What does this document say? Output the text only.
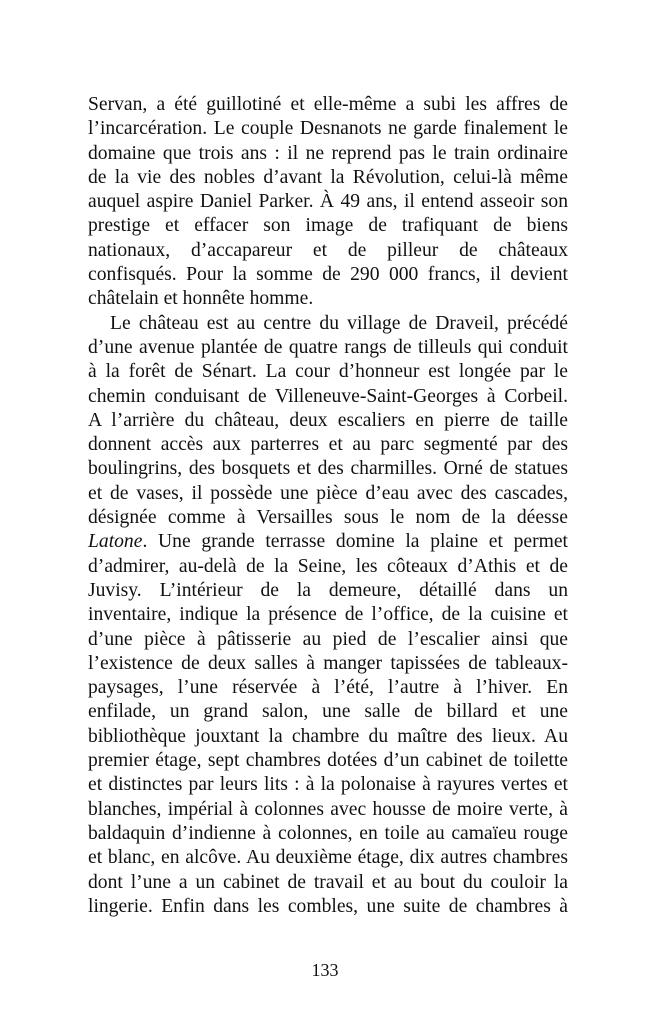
Servan, a été guillotiné et elle-même a subi les affres de
l’incarcération. Le couple Desnanots ne garde finalement le
domaine que trois ans : il ne reprend pas le train ordinaire
de la vie des nobles d’avant la Révolution, celui-là même
auquel aspire Daniel Parker. À 49 ans, il entend asseoir son
prestige et effacer son image de trafiquant de biens
nationaux, d’accapareur et de pilleur de châteaux
confisqués. Pour la somme de 290 000 francs, il devient
châtelain et honnête homme.
Le château est au centre du village de Draveil, précédé
d’une avenue plantée de quatre rangs de tilleuls qui conduit
à la forêt de Sénart. La cour d’honneur est longée par le
chemin conduisant de Villeneuve-Saint-Georges à Corbeil.
A l’arrière du château, deux escaliers en pierre de taille
donnent accès aux parterres et au parc segmenté par des
boulingrins, des bosquets et des charmilles. Orné de statues
et de vases, il possède une pièce d’eau avec des cascades,
désignée comme à Versailles sous le nom de la déesse
Latone. Une grande terrasse domine la plaine et permet
d’admirer, au-delà de la Seine, les côteaux d’Athis et de
Juvisy. L’intérieur de la demeure, détaillé dans un
inventaire, indique la présence de l’office, de la cuisine et
d’une pièce à pâtisserie au pied de l’escalier ainsi que
l’existence de deux salles à manger tapissées de tableaux-
paysages, l’une réservée à l’été, l’autre à l’hiver. En
enfilade, un grand salon, une salle de billard et une
bibliothèque jouxtant la chambre du maître des lieux. Au
premier étage, sept chambres dotées d’un cabinet de toilette
et distinctes par leurs lits : à la polonaise à rayures vertes et
blanches, impérial à colonnes avec housse de moire verte, à
baldaquin d’indienne à colonnes, en toile au camaïeu rouge
et blanc, en alcôve. Au deuxième étage, dix autres chambres
dont l’une a un cabinet de travail et au bout du couloir la
lingerie. Enfin dans les combles, une suite de chambres à
133
